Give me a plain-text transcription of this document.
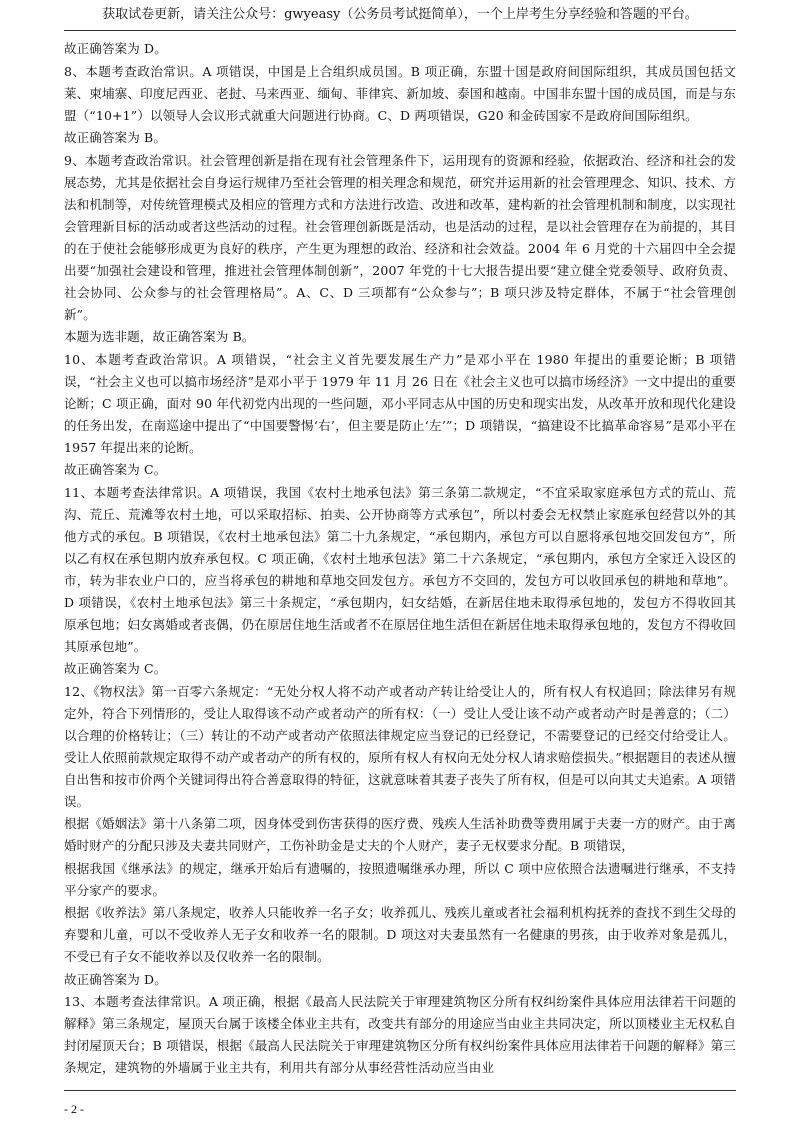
获取试卷更新，请关注公众号：gwyeasy（公务员考试挺简单），一个上岸考生分享经验和答题的平台。

故正确答案为 D。

8、本题考查政治常识。A 项错误，中国是上合组织成员国。B 项正确，东盟十国是政府间国际组织，其成员国包括文莱、柬埔寨、印度尼西亚、老挝、马来西亚、缅甸、菲律宾、新加坡、泰国和越南。中国非东盟十国的成员国，而是与东盟（“10+1”）以领导人会议形式就重大问题进行协商。C、D 两项错误，G20 和金砖国家不是政府间国际组织。

故正确答案为 B。

9、本题考查政治常识。社会管理创新是指在现有社会管理条件下，运用现有的资源和经验，依据政治、经济和社会的发展态势，尤其是依据社会自身运行规律乃至社会管理的相关理念和规范，研究并运用新的社会管理理念、知识、技术、方法和机制等，对传统管理模式及相应的管理方式和方法进行改造、改进和改革，建构新的社会管理机制和制度，以实现社会管理新目标的活动或者这些活动的过程。社会管理创新既是活动，也是活动的过程，是以社会管理存在为前提的，其目的在于使社会能够形成更为良好的秩序，产生更为理想的政治、经济和社会效益。2004 年 6 月党的十六届四中全会提出要“加强社会建设和管理，推进社会管理体制创新”，2007 年党的十七大报告提出要“建立健全党委领导、政府负责、社会协同、公众参与的社会管理格局”。A、C、D 三项都有“公众参与”；B 项只涉及特定群体，不属于“社会管理创新”。

本题为选非题，故正确答案为 B。

10、本题考查政治常识。A 项错误，“社会主义首先要发展生产力”是邓小平在 1980 年提出的重要论断；B 项错误，“社会主义也可以搞市场经济”是邓小平于 1979 年 11 月 26 日在《社会主义也可以搞市场经济》一文中提出的重要论断；C 项正确，面对 90 年代初党内出现的一些问题，邓小平同志从中国的历史和现实出发，从改革开放和现代化建设的任务出发，在南巡途中提出了“中国要警惕‘右’，但主要是防止‘左’”；D 项错误，“搞建设不比搞革命容易”是邓小平在 1957 年提出来的论断。

故正确答案为 C。

11、本题考查法律常识。A 项错误，我国《农村土地承包法》第三条第二款规定，“不宜采取家庭承包方式的荒山、荒沟、荒丘、荒滩等农村土地，可以采取招标、拍卖、公开协商等方式承包”，所以村委会无权禁止家庭承包经营以外的其他方式的承包。B 项错误，《农村土地承包法》第二十九条规定，“承包期内，承包方可以自愿将承包地交回发包方”，所以乙有权在承包期内放弃承包权。C 项正确，《农村土地承包法》第二十六条规定，“承包期内，承包方全家迁入设区的市，转为非农业户口的，应当将承包的耕地和草地交回发包方。承包方不交回的，发包方可以收回承包的耕地和草地”。D 项错误，《农村土地承包法》第三十条规定，“承包期内，妇女结婚，在新居住地未取得承包地的，发包方不得收回其原承包地；妇女离婚或者丧偶，仍在原居住地生活或者不在原居住地生活但在新居住地未取得承包地的，发包方不得收回其原承包地”。

故正确答案为 C。

12、《物权法》第一百零六条规定：“无处分权人将不动产或者动产转让给受让人的，所有权人有权追回；除法律另有规定外，符合下列情形的，受让人取得该不动产或者动产的所有权：（一）受让人受让该不动产或者动产时是善意的；（二）以合理的价格转让；（三）转让的不动产或者动产依照法律规定应当登记的已经登记，不需要登记的已经交付给受让人。受让人依照前款规定取得不动产或者动产的所有权的，原所有权人有权向无处分权人请求赔偿损失。”根据题目的表述从擅自出售和按市价两个关键词得出符合善意取得的特征，这就意味着其妻子丧失了所有权，但是可以向其丈夫追索。A 项错误。

根据《婚姻法》第十八条第二项，因身体受到伤害获得的医疗费、残疾人生活补助费等费用属于夫妻一方的财产。由于离婚时财产的分配只涉及夫妻共同财产，工伤补助金是丈夫的个人财产，妻子无权要求分配。B 项错误，

根据我国《继承法》的规定，继承开始后有遗嘱的，按照遗嘱继承办理，所以 C 项中应依照合法遗嘱进行继承，不支持平分家产的要求。

根据《收养法》第八条规定，收养人只能收养一名子女；收养孤儿、残疾儿童或者社会福利机构抚养的查找不到生父母的弃婴和儿童，可以不受收养人无子女和收养一名的限制。D 项这对夫妻虽然有一名健康的男孩，由于收养对象是孤儿，不受已有子女不能收养以及仅收养一名的限制。

故正确答案为 D。

13、本题考查法律常识。A 项正确，根据《最高人民法院关于审理建筑物区分所有权纠纷案件具体应用法律若干问题的解释》第三条规定，屋顶天台属于该楼全体业主共有，改变共有部分的用途应当由业主共同决定，所以顶楼业主无权私自封闭屋顶天台；B 项错误，根据《最高人民法院关于审理建筑物区分所有权纠纷案件具体应用法律若干问题的解释》第三条规定，建筑物的外墙属于业主共有，利用共有部分从事经营性活动应当由业

- 2 -
